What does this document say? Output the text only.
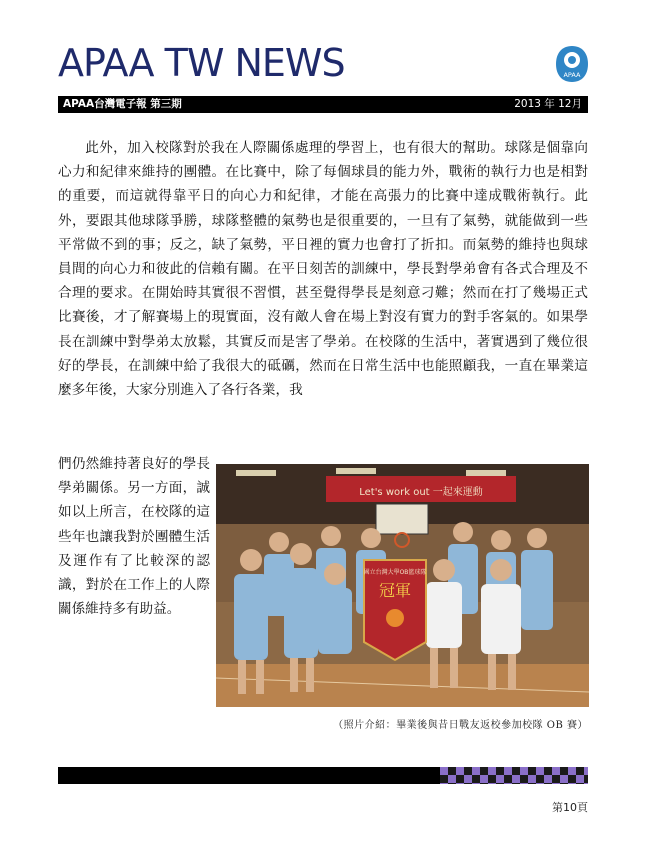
APAA TW NEWS	APAA
APAA台灣電子報 第三期	2013 年 12月

此外，加入校隊對於我在人際關係處理的學習上，也有很大的幫助。球隊是個靠向心力和紀律來維持的團體。在比賽中，除了每個球員的能力外，戰術的執行力也是相對的重要，而這就得靠平日的向心力和紀律，才能在高張力的比賽中達成戰術執行。此外，要跟其他球隊爭勝，球隊整體的氣勢也是很重要的，一旦有了氣勢，就能做到一些平常做不到的事；反之，缺了氣勢，平日裡的實力也會打了折扣。而氣勢的維持也與球員間的向心力和彼此的信賴有關。在平日刻苦的訓練中，學長對學弟會有各式合理及不合理的要求。在開始時其實很不習慣，甚至覺得學長是刻意刁難；然而在打了幾場正式比賽後，才了解賽場上的現實面，沒有敵人會在場上對沒有實力的對手客氣的。如果學長在訓練中對學弟太放鬆，其實反而是害了學弟。在校隊的生活中，著實遇到了幾位很好的學長，在訓練中給了我很大的砥礪，然而在日常生活中也能照顧我，一直在畢業這麼多年後，大家分別進入了各行各業，我

們仍然維持著良好的學長學弟關係。另一方面，誠如以上所言，在校隊的這些年也讓我對於團體生活及運作有了比較深的認識，對於在工作上的人際關係維持多有助益。
Let's work out 一起來運動
國立台灣大學OB籃球隊
冠軍
（照片介紹：畢業後與昔日戰友返校參加校隊 OB 賽）
第10頁
